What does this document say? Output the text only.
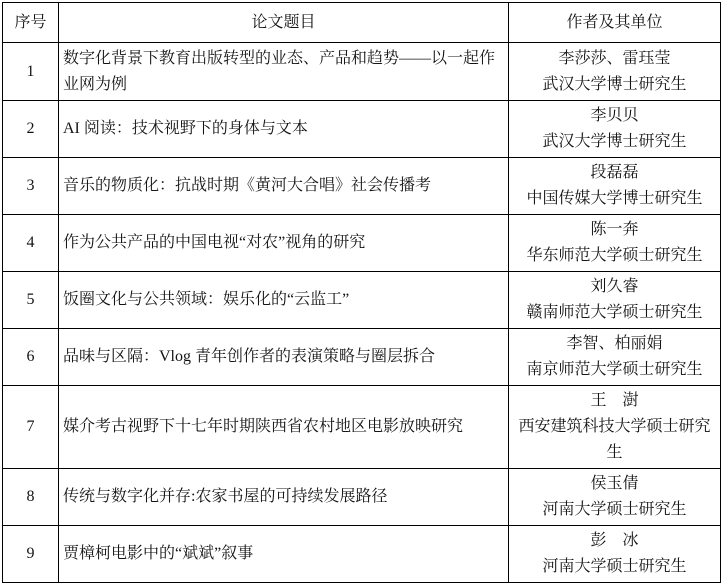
序号	论文题目	作者及其单位
1	数字化背景下教育出版转型的业态、产品和趋势——以一起作业网为例	李莎莎、雷珏莹
武汉大学博士研究生

2	AI 阅读：技术视野下的身体与文本	李贝贝
武汉大学博士研究生

3	音乐的物质化：抗战时期《黄河大合唱》社会传播考	段磊磊
中国传媒大学博士研究生

4	作为公共产品的中国电视“对农”视角的研究	陈一奔
华东师范大学硕士研究生

5	饭圈文化与公共领域：娱乐化的“云监工”	刘久睿
赣南师范大学硕士研究生

6	品味与区隔：Vlog 青年创作者的表演策略与圈层拆合	李智、柏丽娟
南京师范大学硕士研究生

7	媒介考古视野下十七年时期陕西省农村地区电影放映研究	王　澍
西安建筑科技大学硕士研究生

8	传统与数字化并存:农家书屋的可持续发展路径	侯玉倩
河南大学硕士研究生

9	贾樟柯电影中的“斌斌”叙事	彭　冰
河南大学硕士研究生
